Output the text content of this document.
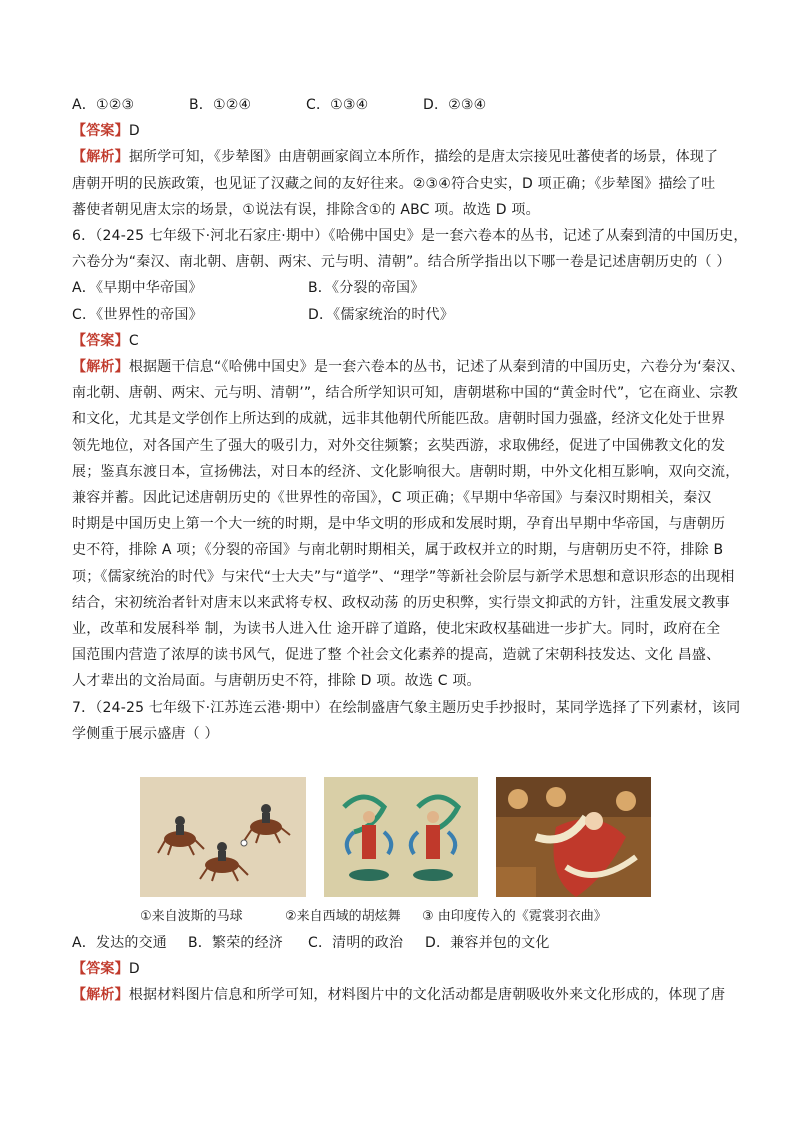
A．①②③	B．①②④	C．①③④	D．②③④
【答案】D
【解析】据所学可知，《步辇图》由唐朝画家阎立本所作，描绘的是唐太宗接见吐蕃使者的场景，体现了
唐朝开明的民族政策，也见证了汉藏之间的友好往来。②③④符合史实，D 项正确；《步辇图》描绘了吐
蕃使者朝见唐太宗的场景，①说法有误，排除含①的 ABC 项。故选 D 项。
6．（24-25 七年级下·河北石家庄·期中）《哈佛中国史》是一套六卷本的丛书，记述了从秦到清的中国历史，
六卷分为“秦汉、南北朝、唐朝、两宋、元与明、清朝”。结合所学指出以下哪一卷是记述唐朝历史的（ ）
A．《早期中华帝国》	B．《分裂的帝国》
C．《世界性的帝国》	D．《儒家统治的时代》
【答案】C
【解析】根据题干信息“《哈佛中国史》是一套六卷本的丛书，记述了从秦到清的中国历史，六卷分为‘秦汉、
南北朝、唐朝、两宋、元与明、清朝’”，结合所学知识可知，唐朝堪称中国的“黄金时代”，它在商业、宗教
和文化，尤其是文学创作上所达到的成就，远非其他朝代所能匹敌。唐朝时国力强盛，经济文化处于世界
领先地位，对各国产生了强大的吸引力，对外交往频繁；玄奘西游，求取佛经，促进了中国佛教文化的发
展；鉴真东渡日本，宣扬佛法，对日本的经济、文化影响很大。唐朝时期，中外文化相互影响，双向交流，
兼容并蓄。因此记述唐朝历史的《世界性的帝国》，C 项正确；《早期中华帝国》与秦汉时期相关，秦汉
时期是中国历史上第一个大一统的时期，是中华文明的形成和发展时期，孕育出早期中华帝国，与唐朝历
史不符，排除 A 项；《分裂的帝国》与南北朝时期相关，属于政权并立的时期，与唐朝历史不符，排除 B
项；《儒家统治的时代》与宋代“士大夫”与“道学”、“理学”等新社会阶层与新学术思想和意识形态的出现相
结合，宋初统治者针对唐末以来武将专权、政权动荡 的历史积弊，实行崇文抑武的方针，注重发展文教事
业，改革和发展科举 制，为读书人进入仕 途开辟了道路，使北宋政权基础进一步扩大。同时，政府在全
国范围内营造了浓厚的读书风气，促进了整 个社会文化素养的提高，造就了宋朝科技发达、文化 昌盛、
人才辈出的文治局面。与唐朝历史不符，排除 D 项。故选 C 项。
7．（24-25 七年级下·江苏连云港·期中）在绘制盛唐气象主题历史手抄报时，某同学选择了下列素材，该同
学侧重于展示盛唐（ ）
①来自波斯的马球	②来自西域的胡炫舞 ③ 由印度传入的《霓裳羽衣曲》
A．发达的交通	B．繁荣的经济	C．清明的政治	D．兼容并包的文化
【答案】D
【解析】根据材料图片信息和所学可知，材料图片中的文化活动都是唐朝吸收外来文化形成的，体现了唐
